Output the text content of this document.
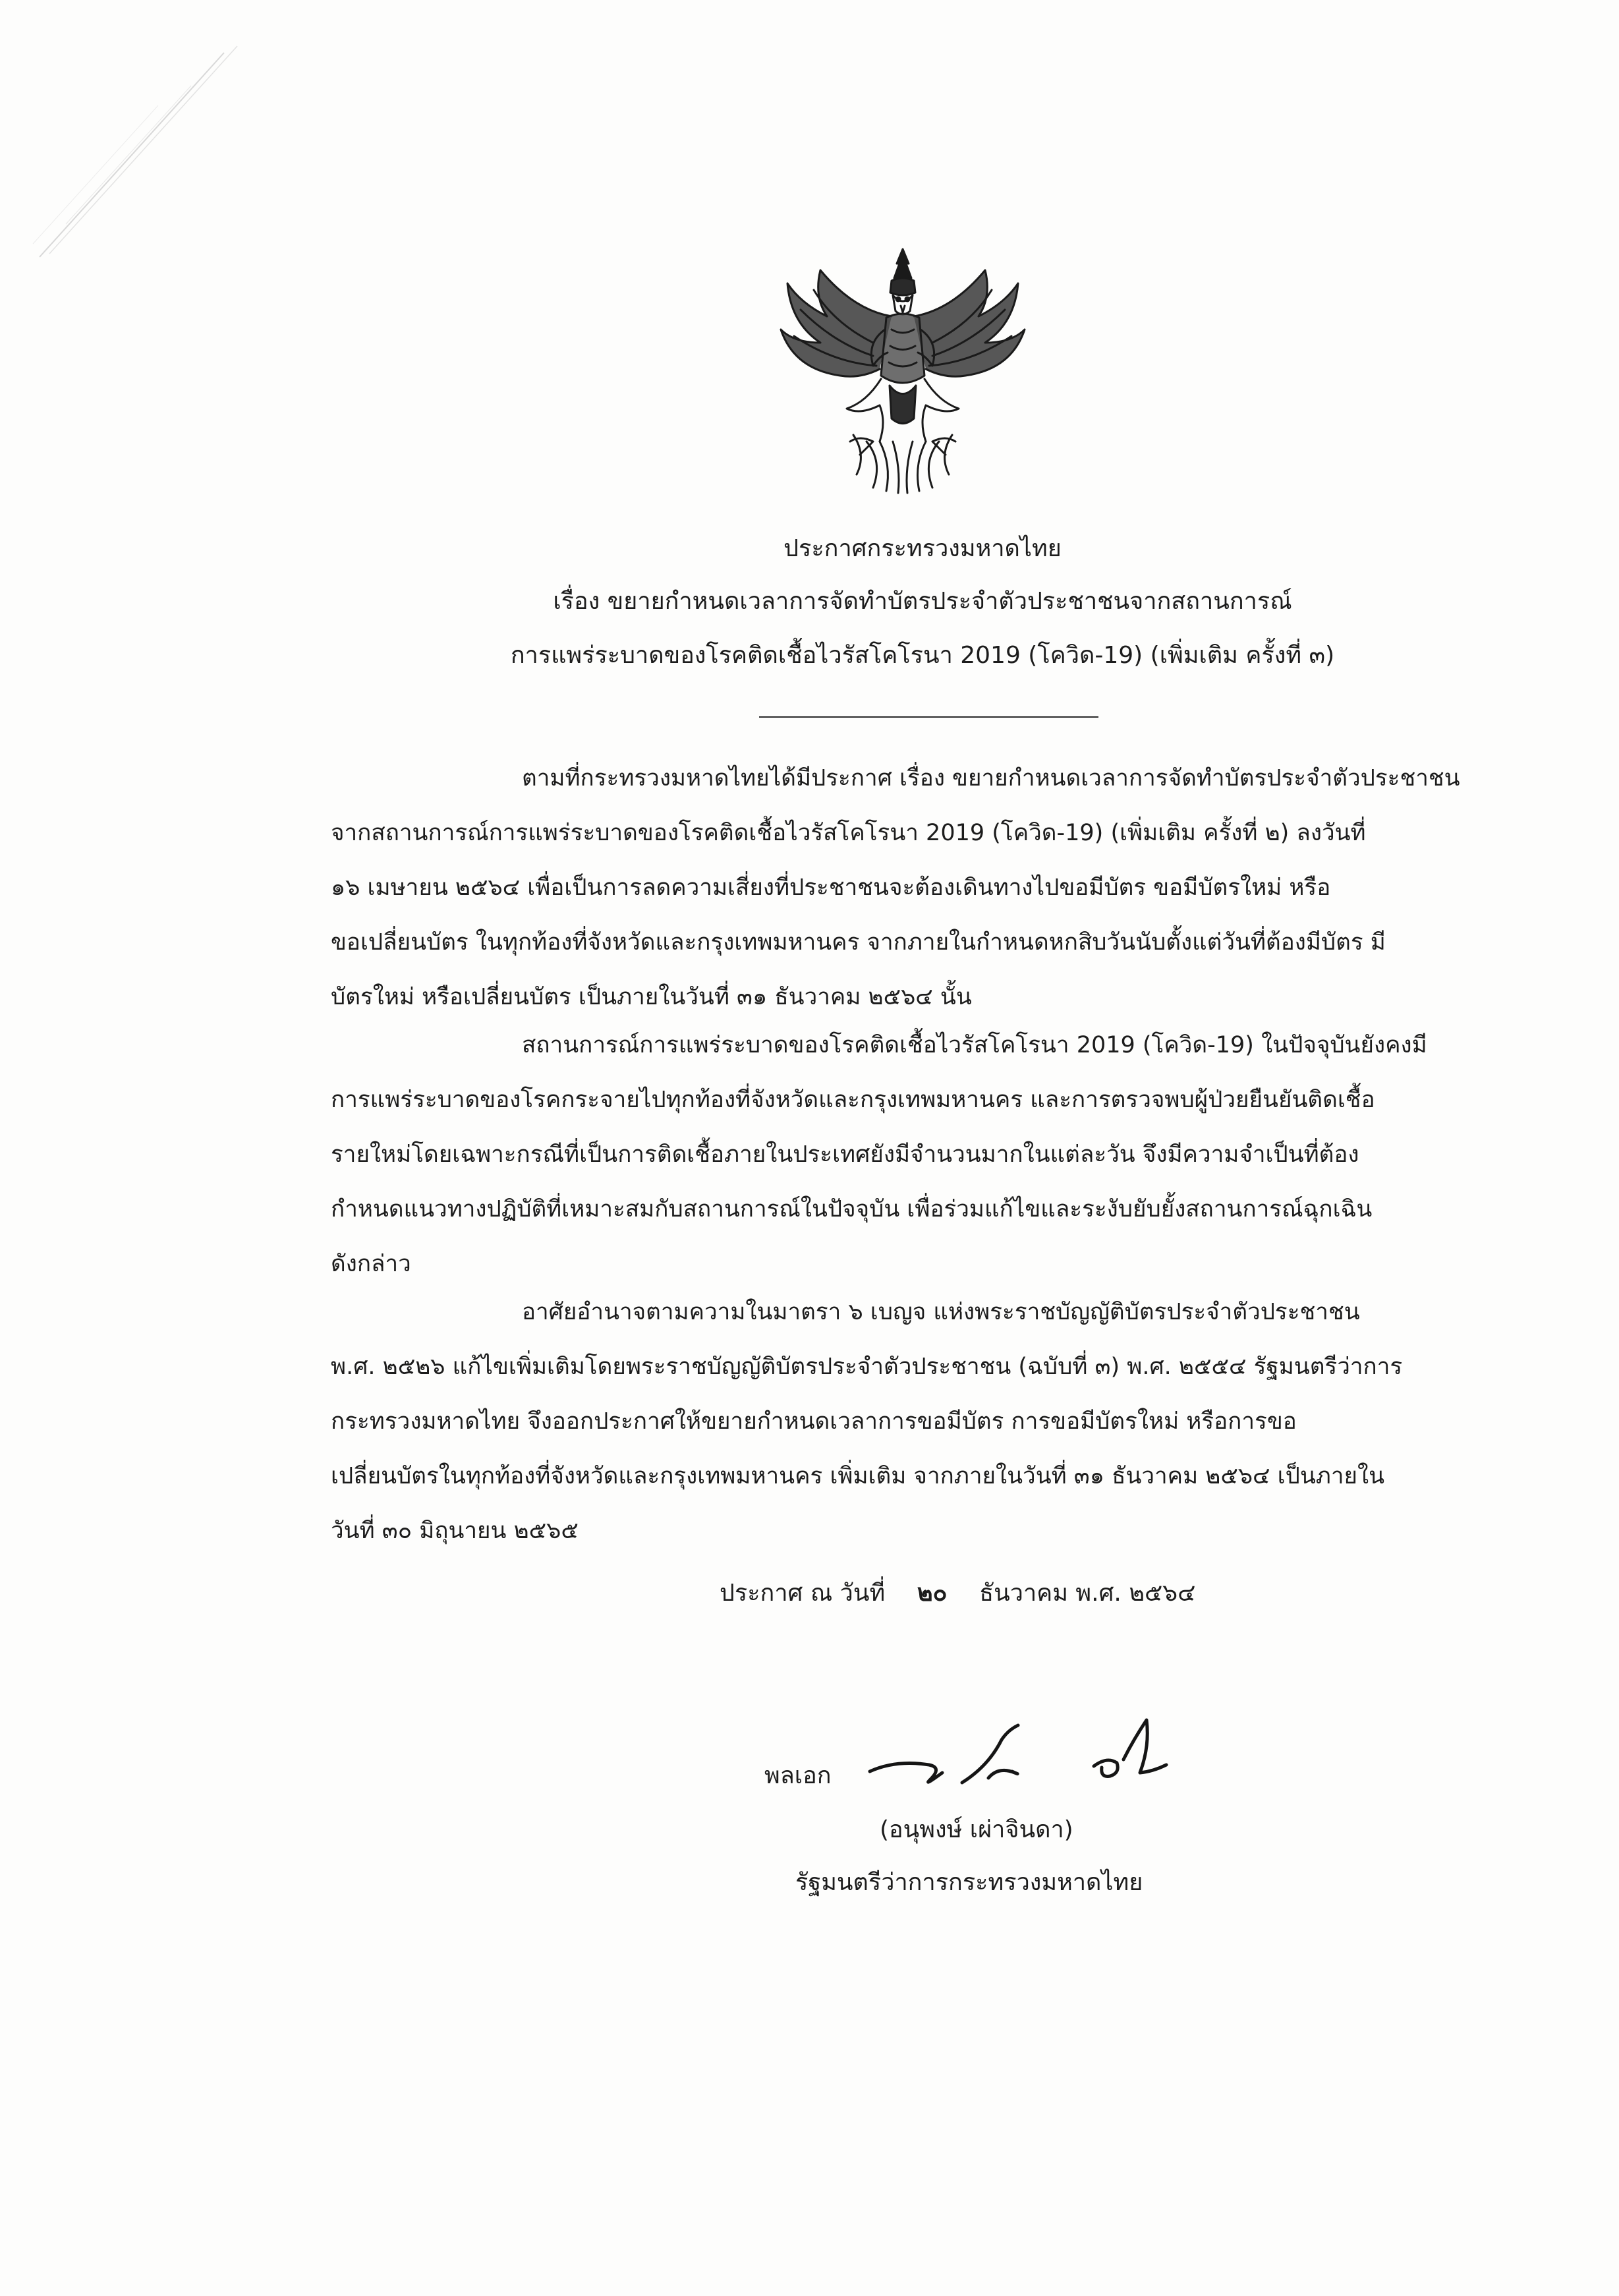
ประกาศกระทรวงมหาดไทย
เรื่อง ขยายกำหนดเวลาการจัดทำบัตรประจำตัวประชาชนจากสถานการณ์
การแพร่ระบาดของโรคติดเชื้อไวรัสโคโรนา 2019 (โควิด-19) (เพิ่มเติม ครั้งที่ ๓)
ตามที่กระทรวงมหาดไทยได้มีประกาศ เรื่อง ขยายกำหนดเวลาการจัดทำบัตรประจำตัวประชาชน
จากสถานการณ์การแพร่ระบาดของโรคติดเชื้อไวรัสโคโรนา 2019 (โควิด-19) (เพิ่มเติม ครั้งที่ ๒) ลงวันที่
๑๖ เมษายน ๒๕๖๔ เพื่อเป็นการลดความเสี่ยงที่ประชาชนจะต้องเดินทางไปขอมีบัตร ขอมีบัตรใหม่ หรือ
ขอเปลี่ยนบัตร ในทุกท้องที่จังหวัดและกรุงเทพมหานคร จากภายในกำหนดหกสิบวันนับตั้งแต่วันที่ต้องมีบัตร มี
บัตรใหม่ หรือเปลี่ยนบัตร เป็นภายในวันที่ ๓๑ ธันวาคม ๒๕๖๔ นั้น
สถานการณ์การแพร่ระบาดของโรคติดเชื้อไวรัสโคโรนา 2019 (โควิด-19) ในปัจจุบันยังคงมี
การแพร่ระบาดของโรคกระจายไปทุกท้องที่จังหวัดและกรุงเทพมหานคร และการตรวจพบผู้ป่วยยืนยันติดเชื้อ
รายใหม่โดยเฉพาะกรณีที่เป็นการติดเชื้อภายในประเทศยังมีจำนวนมากในแต่ละวัน จึงมีความจำเป็นที่ต้อง
กำหนดแนวทางปฏิบัติที่เหมาะสมกับสถานการณ์ในปัจจุบัน เพื่อร่วมแก้ไขและระงับยับยั้งสถานการณ์ฉุกเฉิน
ดังกล่าว
อาศัยอำนาจตามความในมาตรา ๖ เบญจ แห่งพระราชบัญญัติบัตรประจำตัวประชาชน
พ.ศ. ๒๕๒๖ แก้ไขเพิ่มเติมโดยพระราชบัญญัติบัตรประจำตัวประชาชน (ฉบับที่ ๓) พ.ศ. ๒๕๕๔ รัฐมนตรีว่าการ
กระทรวงมหาดไทย จึงออกประกาศให้ขยายกำหนดเวลาการขอมีบัตร การขอมีบัตรใหม่ หรือการขอ
เปลี่ยนบัตรในทุกท้องที่จังหวัดและกรุงเทพมหานคร เพิ่มเติม จากภายในวันที่ ๓๑ ธันวาคม ๒๕๖๔ เป็นภายใน
วันที่ ๓๐ มิถุนายน ๒๕๖๕
ประกาศ ณ วันที่ ๒๐ ธันวาคม พ.ศ. ๒๕๖๔
พลเอก
(อนุพงษ์ เผ่าจินดา)
รัฐมนตรีว่าการกระทรวงมหาดไทย
